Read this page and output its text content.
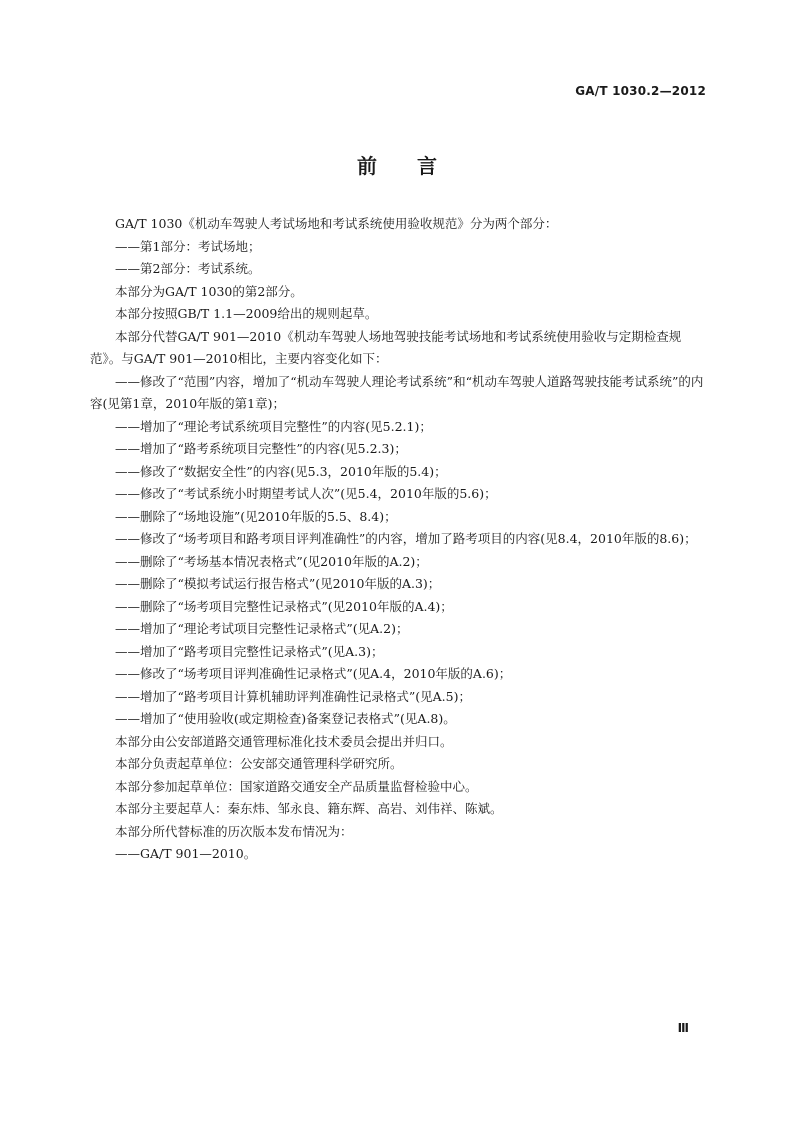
GA/T 1030.2—2012
前言

GA/T 1030《机动车驾驶人考试场地和考试系统使用验收规范》分为两个部分：

——第1部分：考试场地；

——第2部分：考试系统。

本部分为GA/T 1030的第2部分。

本部分按照GB/T 1.1—2009给出的规则起草。

本部分代替GA/T 901—2010《机动车驾驶人场地驾驶技能考试场地和考试系统使用验收与定期检查规范》。与GA/T 901—2010相比，主要内容变化如下：

——修改了“范围”内容，增加了“机动车驾驶人理论考试系统”和“机动车驾驶人道路驾驶技能考试系统”的内容(见第1章，2010年版的第1章)；

——增加了“理论考试系统项目完整性”的内容(见5.2.1)；

——增加了“路考系统项目完整性”的内容(见5.2.3)；

——修改了“数据安全性”的内容(见5.3，2010年版的5.4)；

——修改了“考试系统小时期望考试人次”(见5.4，2010年版的5.6)；

——删除了“场地设施”(见2010年版的5.5、8.4)；

——修改了“场考项目和路考项目评判准确性”的内容，增加了路考项目的内容(见8.4，2010年版的8.6)；

——删除了“考场基本情况表格式”(见2010年版的A.2)；

——删除了“模拟考试运行报告格式”(见2010年版的A.3)；

——删除了“场考项目完整性记录格式”(见2010年版的A.4)；

——增加了“理论考试项目完整性记录格式”(见A.2)；

——增加了“路考项目完整性记录格式”(见A.3)；

——修改了“场考项目评判准确性记录格式”(见A.4，2010年版的A.6)；

——增加了“路考项目计算机辅助评判准确性记录格式”(见A.5)；

——增加了“使用验收(或定期检查)备案登记表格式”(见A.8)。

本部分由公安部道路交通管理标准化技术委员会提出并归口。

本部分负责起草单位：公安部交通管理科学研究所。

本部分参加起草单位：国家道路交通安全产品质量监督检验中心。

本部分主要起草人：秦东炜、邹永良、籍东辉、高岩、刘伟祥、陈斌。

本部分所代替标准的历次版本发布情况为：

——GA/T 901—2010。

Ⅲ
